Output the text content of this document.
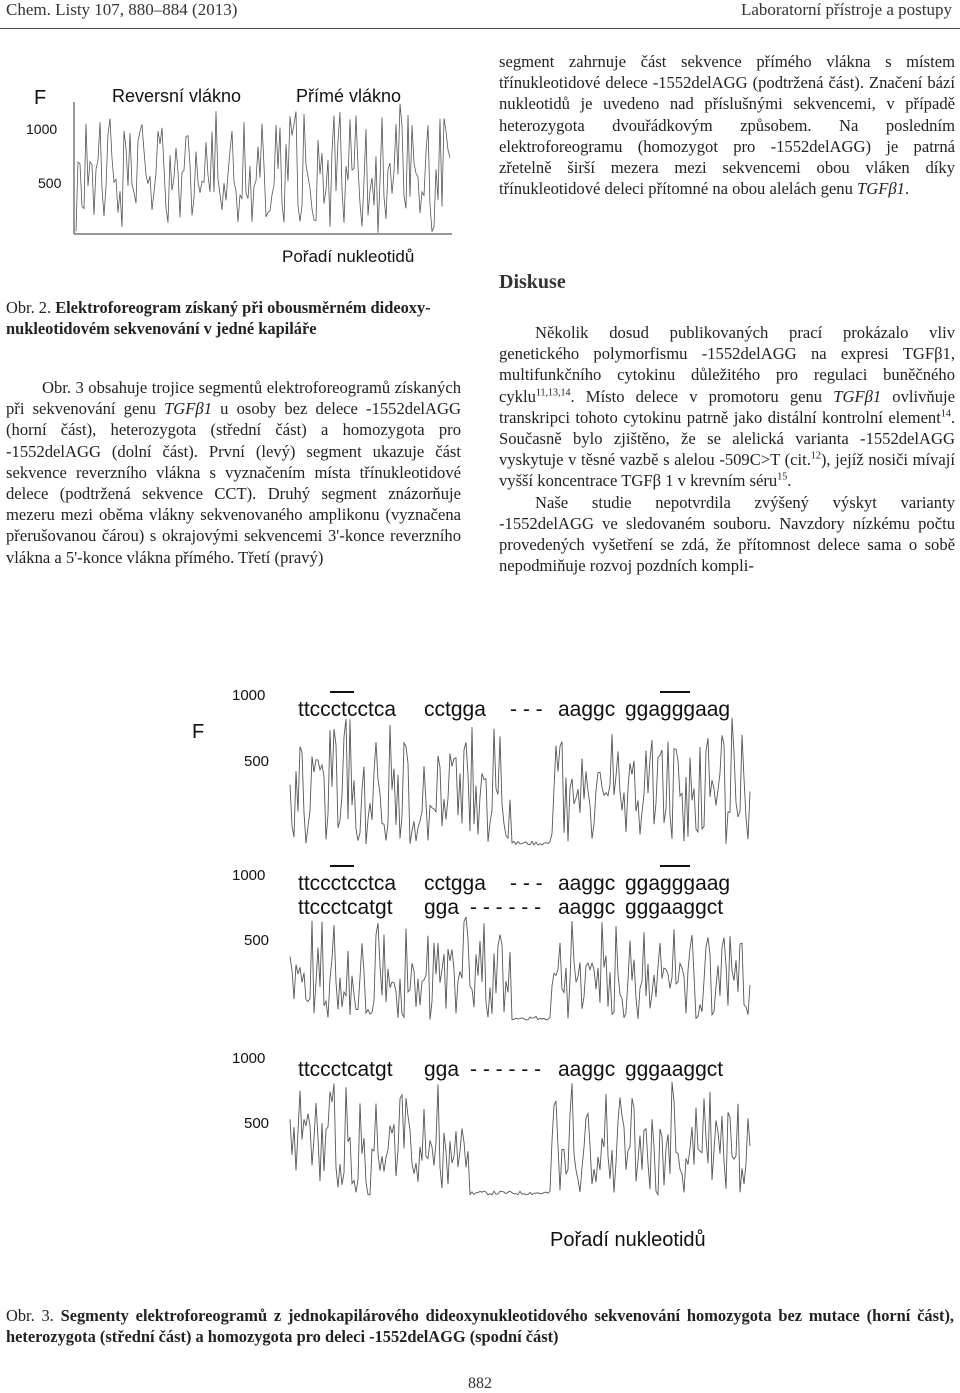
Chem. Listy 107, 880–884 (2013)	Laboratorní přístroje a postupy
F	Reversní vlákno	Přímé vlákno
1000
500
Pořadí nukleotidů
Obr. 2. Elektroforeogram získaný při obousměrném dideoxy-nukleotidovém sekvenování v jedné kapiláře

Obr. 3 obsahuje trojice segmentů elektroforeogramů získaných při sekvenování genu TGFβ1 u osoby bez delece -1552delAGG (horní část), heterozygota (střední část) a homozygota pro -1552delAGG (dolní část). První (levý) segment ukazuje část sekvence reverzního vlákna s vyznačením místa třínukleotidové delece (podtržená sekvence CCT). Druhý segment znázorňuje mezeru mezi oběma vlákny sekvenovaného amplikonu (vyznačena přerušovanou čárou) s okrajovými sekvencemi 3'-konce reverzního vlákna a 5'-konce vlákna přímého. Třetí (pravý)

segment zahrnuje část sekvence přímého vlákna s místem třínukleotidové delece -1552delAGG (podtržená část). Značení bází nukleotidů je uvedeno nad příslušnými sekvencemi, v případě heterozygota dvouřádkovým způsobem. Na posledním elektroforeogramu (homozygot pro -1552delAGG) je patrná zřetelně širší mezera mezi sekvencemi obou vláken díky třínukleotidové deleci přítomné na obou alelách genu TGFβ1.

Diskuse

Několik dosud publikovaných prací prokázalo vliv genetického polymorfismu -1552delAGG na expresi TGFβ1, multifunkčního cytokinu důležitého pro regulaci buněčného cyklu$^{11,13,14}$. Místo delece v promotoru genu TGFβ1 ovlivňuje transkripci tohoto cytokinu patrně jako distální kontrolní element$^{14}$. Současně bylo zjištěno, že se alelická varianta -1552delAGG vyskytuje v těsné vazbě s alelou -509C>T (cit.$^{12}$), jejíž nosiči mívají vyšší koncentrace TGFβ 1 v krevním séru$^{15}$.

Naše studie nepotvrdila zvýšený výskyt varianty -1552delAGG ve sledovaném souboru. Navzdory nízkému počtu provedených vyšetření se zdá, že přítomnost delece sama o sobě nepodmiňuje rozvoj pozdních kompli-

F
1000
500
ttccctcctca cctgga - - - aaggc ggagggaag
1000
500
ttccctcctca cctgga - - - aaggc ggagggaag
ttccctcatgt gga - - - - - - aaggc gggaaggct
1000
500
ttccctcatgt gga - - - - - - aaggc gggaaggct
Pořadí nukleotidů
Obr. 3. Segmenty elektroforeogramů z jednokapilárového dideoxynukleotidového sekvenování homozygota bez mutace (horní část), heterozygota (střední část) a homozygota pro deleci -1552delAGG (spodní část)
882
